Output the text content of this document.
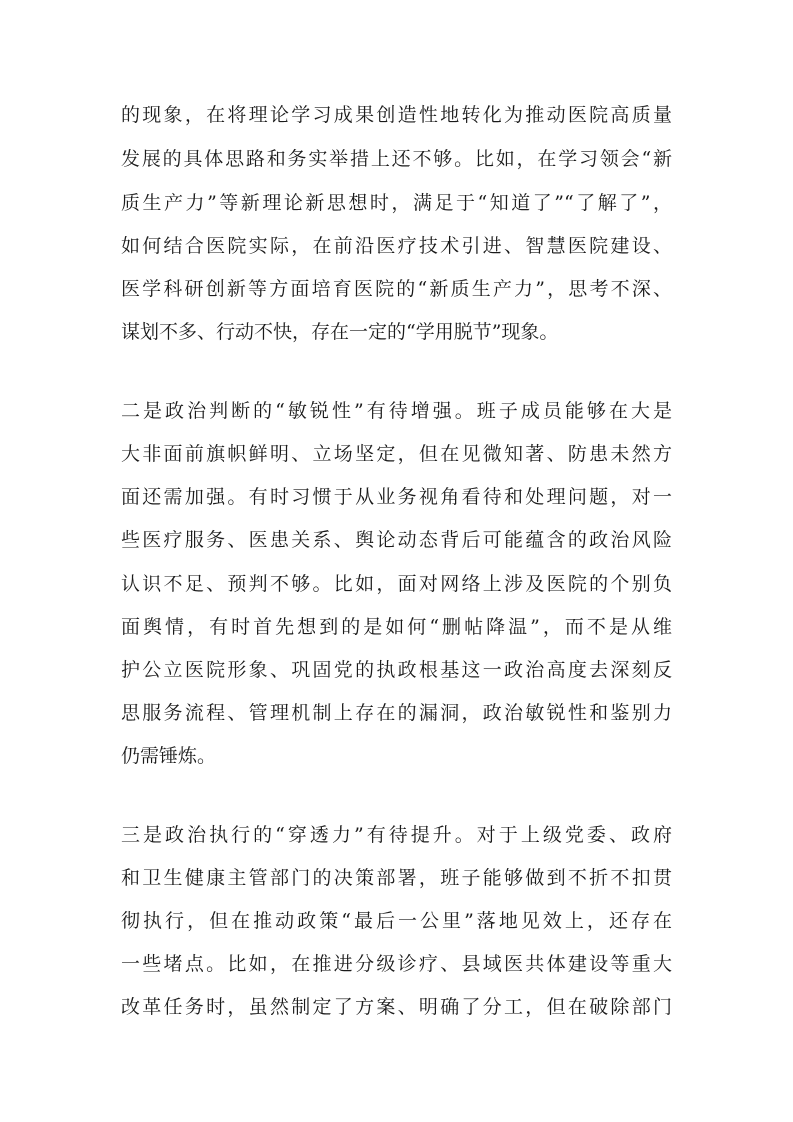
的现象，在将理论学习成果创造性地转化为推动医院高质量
发展的具体思路和务实举措上还不够。比如，在学习领会“新
质生产力”等新理论新思想时，满足于“知道了”“了解了”，
如何结合医院实际，在前沿医疗技术引进、智慧医院建设、
医学科研创新等方面培育医院的“新质生产力”，思考不深、
谋划不多、行动不快，存在一定的“学用脱节”现象。
二是政治判断的“敏锐性”有待增强。班子成员能够在大是
大非面前旗帜鲜明、立场坚定，但在见微知著、防患未然方
面还需加强。有时习惯于从业务视角看待和处理问题，对一
些医疗服务、医患关系、舆论动态背后可能蕴含的政治风险
认识不足、预判不够。比如，面对网络上涉及医院的个别负
面舆情，有时首先想到的是如何“删帖降温”，而不是从维
护公立医院形象、巩固党的执政根基这一政治高度去深刻反
思服务流程、管理机制上存在的漏洞，政治敏锐性和鉴别力
仍需锤炼。
三是政治执行的“穿透力”有待提升。对于上级党委、政府
和卫生健康主管部门的决策部署，班子能够做到不折不扣贯
彻执行，但在推动政策“最后一公里”落地见效上，还存在
一些堵点。比如，在推进分级诊疗、县域医共体建设等重大
改革任务时，虽然制定了方案、明确了分工，但在破除部门
